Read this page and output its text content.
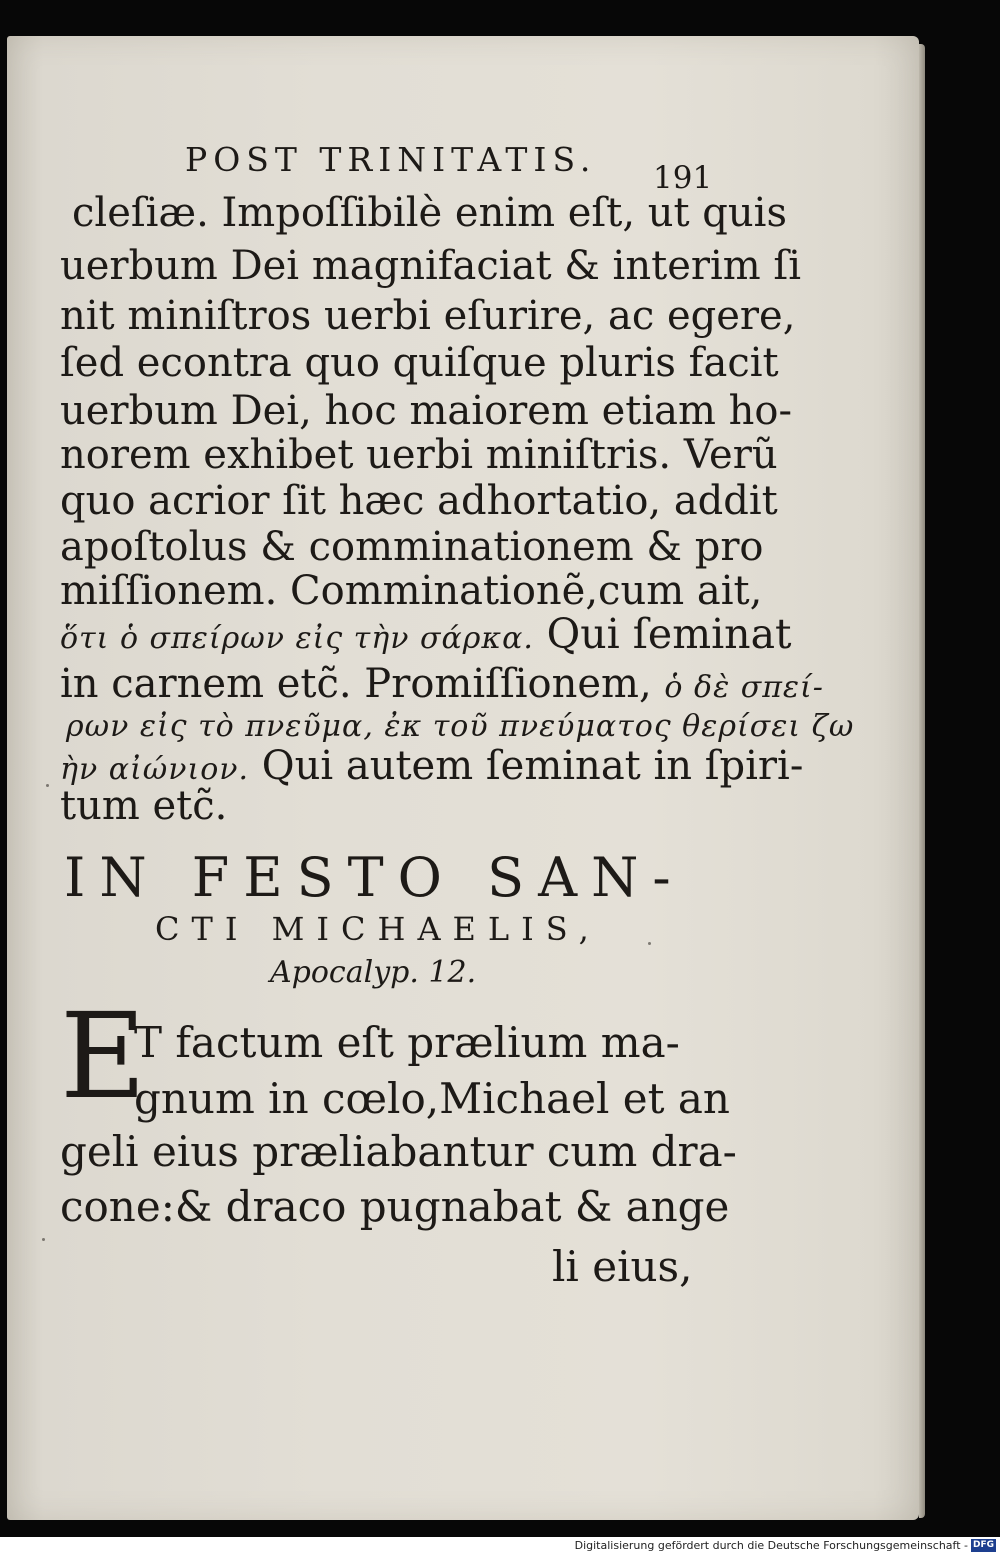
POST TRINITATIS. 191
cleſiæ. Impoſſibilè enim eſt, ut quis
uerbum Dei magnifaciat & interim ſi
nit miniſtros uerbi eſurire, ac egere,
ſed econtra quo quiſque pluris facit
uerbum Dei, hoc maiorem etiam ho-
norem exhibet uerbi miniſtris. Verũ
quo acrior ſit hæc adhortatio, addit
apoſtolus & comminationem & pro
miſſionem. Comminationẽ,cum ait,
ὅτι ὁ σπείρων εἰς τὴν σάρκα. Qui ſeminat
in carnem etc̃. Promiſſionem, ὁ δὲ σπεί-
ρων εἰς τὸ πνεῦμα, ἐκ τοῦ πνεύματος θερίσει ζω
ὴν αἰώνιον. Qui autem ſeminat in ſpiri-
tum etc̃.
IN FESTO SAN-
CTI MICHAELIS,
Apocalyp. 12.
E
T factum eſt prælium ma-
gnum in cœlo,Michael et an
geli eius præliabantur cum dra-
cone:& draco pugnabat & ange
li eius,
Digitalisierung gefördert durch die Deutsche Forschungsgemeinschaft - DFG
